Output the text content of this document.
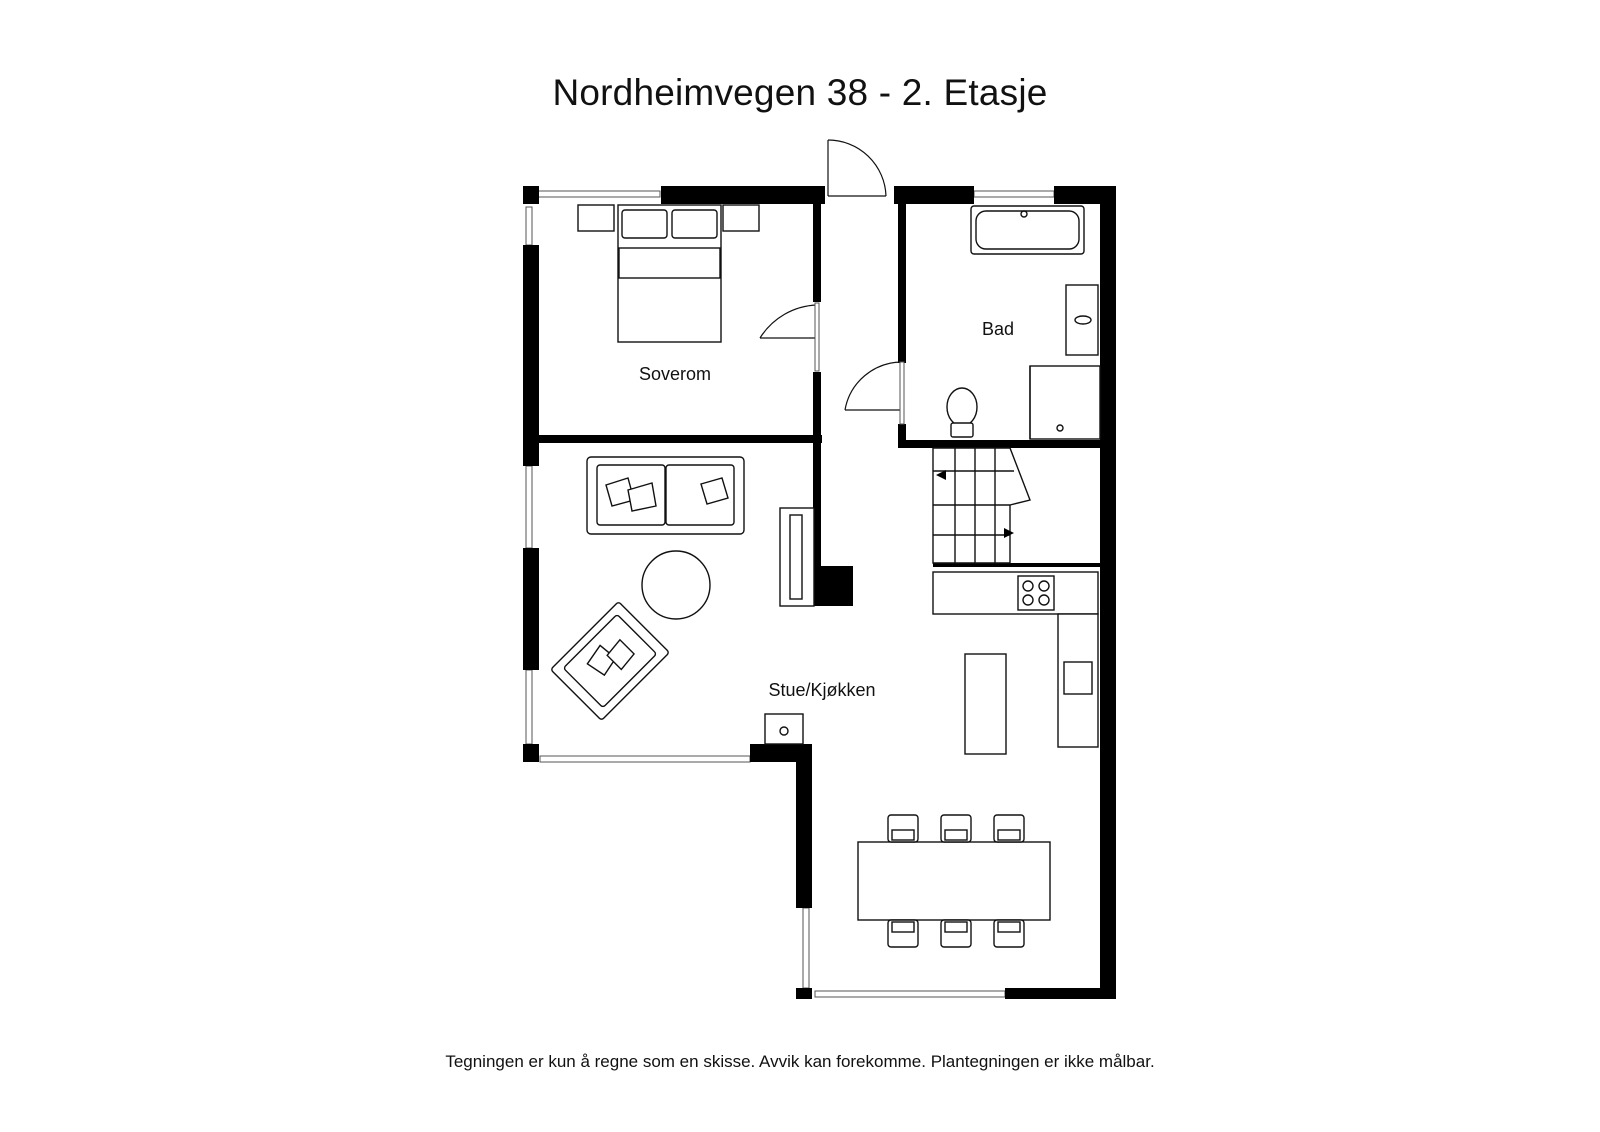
Nordheimvegen 38 - 2. Etasje
Soverom
Bad
Stue/Kjøkken

Tegningen er kun å regne som en skisse. Avvik kan forekomme. Plantegningen er ikke målbar.
